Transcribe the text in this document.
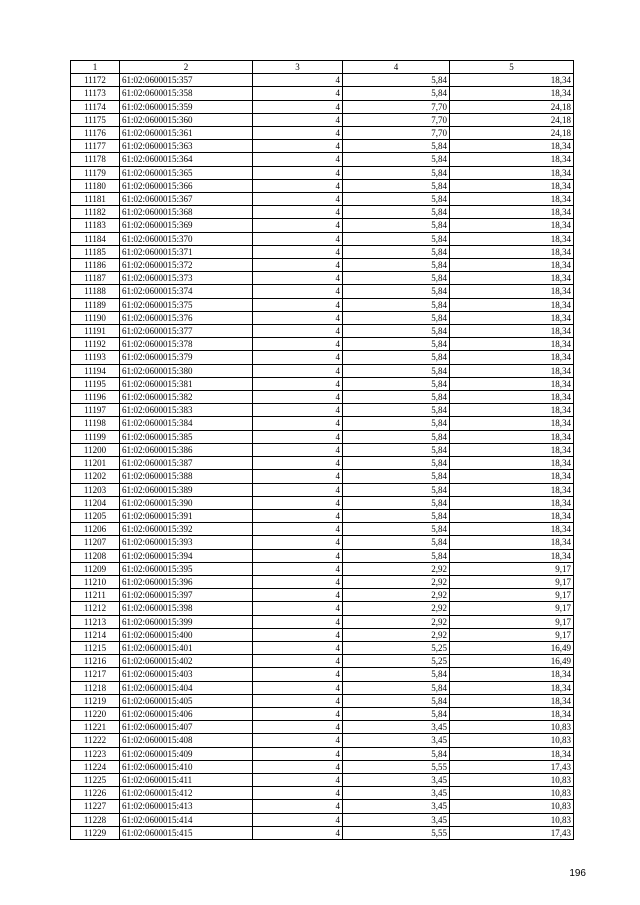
1	2	3	4	5
11172	61:02:0600015:357	4	5,84	18,34
11173	61:02:0600015:358	4	5,84	18,34
11174	61:02:0600015:359	4	7,70	24,18
11175	61:02:0600015:360	4	7,70	24,18
11176	61:02:0600015:361	4	7,70	24,18
11177	61:02:0600015:363	4	5,84	18,34
11178	61:02:0600015:364	4	5,84	18,34
11179	61:02:0600015:365	4	5,84	18,34
11180	61:02:0600015:366	4	5,84	18,34
11181	61:02:0600015:367	4	5,84	18,34
11182	61:02:0600015:368	4	5,84	18,34
11183	61:02:0600015:369	4	5,84	18,34
11184	61:02:0600015:370	4	5,84	18,34
11185	61:02:0600015:371	4	5,84	18,34
11186	61:02:0600015:372	4	5,84	18,34
11187	61:02:0600015:373	4	5,84	18,34
11188	61:02:0600015:374	4	5,84	18,34
11189	61:02:0600015:375	4	5,84	18,34
11190	61:02:0600015:376	4	5,84	18,34
11191	61:02:0600015:377	4	5,84	18,34
11192	61:02:0600015:378	4	5,84	18,34
11193	61:02:0600015:379	4	5,84	18,34
11194	61:02:0600015:380	4	5,84	18,34
11195	61:02:0600015:381	4	5,84	18,34
11196	61:02:0600015:382	4	5,84	18,34
11197	61:02:0600015:383	4	5,84	18,34
11198	61:02:0600015:384	4	5,84	18,34
11199	61:02:0600015:385	4	5,84	18,34
11200	61:02:0600015:386	4	5,84	18,34
11201	61:02:0600015:387	4	5,84	18,34
11202	61:02:0600015:388	4	5,84	18,34
11203	61:02:0600015:389	4	5,84	18,34
11204	61:02:0600015:390	4	5,84	18,34
11205	61:02:0600015:391	4	5,84	18,34
11206	61:02:0600015:392	4	5,84	18,34
11207	61:02:0600015:393	4	5,84	18,34
11208	61:02:0600015:394	4	5,84	18,34
11209	61:02:0600015:395	4	2,92	9,17
11210	61:02:0600015:396	4	2,92	9,17
11211	61:02:0600015:397	4	2,92	9,17
11212	61:02:0600015:398	4	2,92	9,17
11213	61:02:0600015:399	4	2,92	9,17
11214	61:02:0600015:400	4	2,92	9,17
11215	61:02:0600015:401	4	5,25	16,49
11216	61:02:0600015:402	4	5,25	16,49
11217	61:02:0600015:403	4	5,84	18,34
11218	61:02:0600015:404	4	5,84	18,34
11219	61:02:0600015:405	4	5,84	18,34
11220	61:02:0600015:406	4	5,84	18,34
11221	61:02:0600015:407	4	3,45	10,83
11222	61:02:0600015:408	4	3,45	10,83
11223	61:02:0600015:409	4	5,84	18,34
11224	61:02:0600015:410	4	5,55	17,43
11225	61:02:0600015:411	4	3,45	10,83
11226	61:02:0600015:412	4	3,45	10,83
11227	61:02:0600015:413	4	3,45	10,83
11228	61:02:0600015:414	4	3,45	10,83
11229	61:02:0600015:415	4	5,55	17,43
196
